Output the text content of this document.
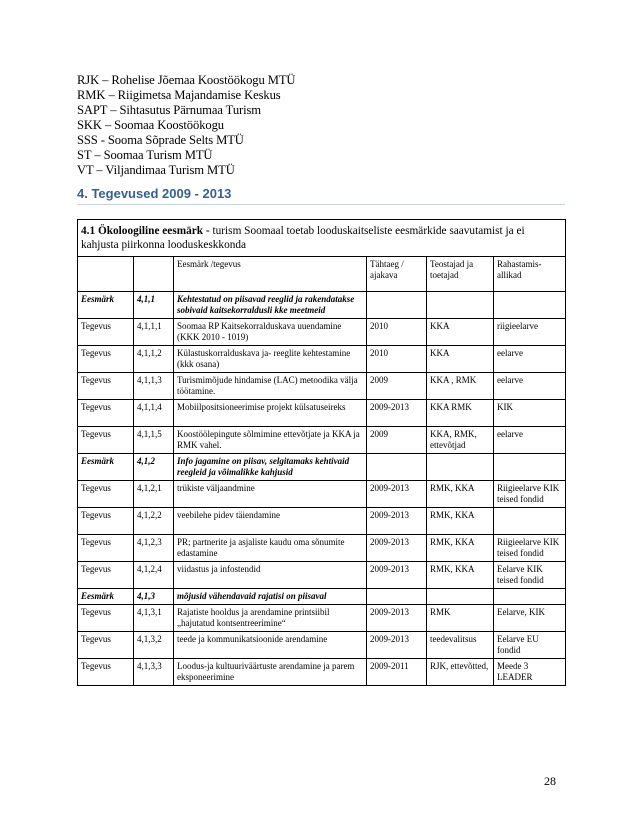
RJK – Rohelise Jõemaa Koostöökogu MTÜ
RMK – Riigimetsa Majandamise Keskus
SAPT – Sihtasutus Pärnumaa Turism
SKK – Soomaa Koostöökogu
SSS - Sooma Sõprade Selts MTÜ
ST – Soomaa Turism MTÜ
VT – Viljandimaa Turism MTÜ
4. Tegevused 2009 - 2013
4.1 Ökoloogiline eesmärk - turism Soomaal toetab looduskaitseliste eesmärkide saavutamist ja ei kahjusta piirkonna looduskeskkonda					
		Eesmärk /tegevus	Tähtaeg / ajakava	Teostajad ja toetajad	Rahastamis-allikad
Eesmärk	4,1,1	Kehtestatud on piisavad reeglid ja rakendatakse sobivaid kaitsekorraldusli kke meetmeid			
Tegevus	4,1,1,1	Soomaa RP Kaitsekorralduskava uuendamine (KKK 2010 - 1019)	2010	KKA	riigieelarve
Tegevus	4,1,1,2	Külastuskorralduskava ja- reeglite kehtestamine (kkk osana)	2010	KKA	eelarve
Tegevus	4,1,1,3	Turismimõjude hindamise (LAC) metoodika välja töötamine.	2009	KKA , RMK	eelarve
Tegevus	4,1,1,4	Mobiilpositsioneerimise projekt külsatuseireks	2009-2013	KKA RMK	KIK
Tegevus	4,1,1,5	Koostöölepingute sõlmimine ettevõtjate ja KKA ja RMK vahel.	2009	KKA, RMK, ettevõtjad	eelarve
Eesmärk	4,1,2	Info jagamine on piisav, selgitamaks kehtivaid reegleid ja võimalikke kahjusid			
Tegevus	4,1,2,1	trükiste väljaandmine	2009-2013	RMK, KKA	Riigieelarve KIK teised fondid
Tegevus	4,1,2,2	veebilehe pidev täiendamine	2009-2013	RMK, KKA	
Tegevus	4,1,2,3	PR; partnerite ja asjaliste kaudu oma sõnumite edastamine	2009-2013	RMK, KKA	Riigieelarve KIK teised fondid
Tegevus	4,1,2,4	viidastus ja infostendid	2009-2013	RMK, KKA	Eelarve KIK teised fondid
Eesmärk	4,1,3	mõjusid vähendavaid rajatisi on piisaval			
Tegevus	4,1,3,1	Rajatiste hooldus ja arendamine printsiibil „hajutatud kontsentreerimine“	2009-2013	RMK	Eelarve, KIK
Tegevus	4,1,3,2	teede ja kommunikatsioonide arendamine	2009-2013	teedevalitsus	Eelarve EU fondid
Tegevus	4,1,3,3	Loodus-ja kultuuriväärtuste arendamine ja parem eksponeerimine	2009-2011	RJK, ettevõtted,	Meede 3 LEADER
28
